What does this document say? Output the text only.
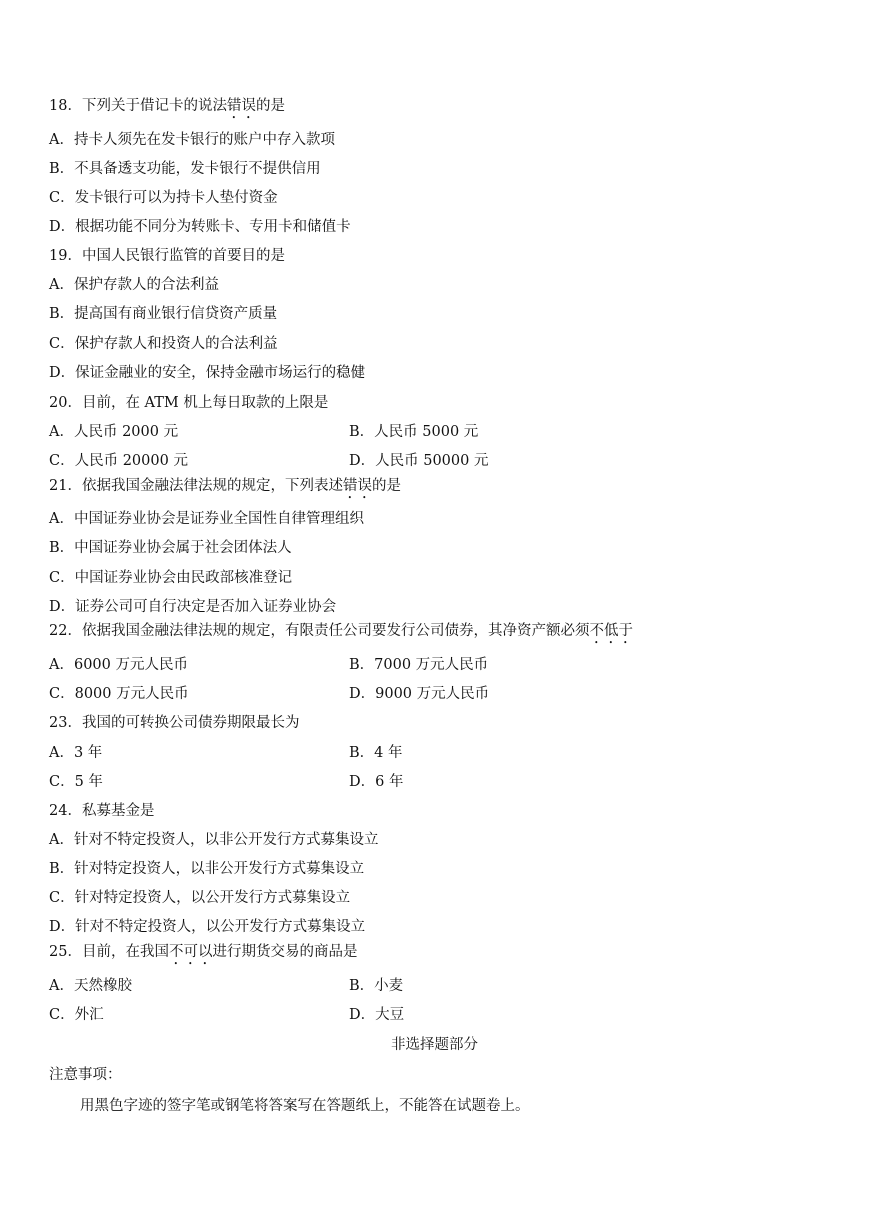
18．下列关于借记卡的说法错误的是
A．持卡人须先在发卡银行的账户中存入款项
B．不具备透支功能，发卡银行不提供信用
C．发卡银行可以为持卡人垫付资金
D．根据功能不同分为转账卡、专用卡和储值卡
19．中国人民银行监管的首要目的是
A．保护存款人的合法利益
B．提高国有商业银行信贷资产质量
C．保护存款人和投资人的合法利益
D．保证金融业的安全，保持金融市场运行的稳健
20．目前，在 ATM 机上每日取款的上限是
A．人民币 2000 元	B．人民币 5000 元
C．人民币 20000 元	D．人民币 50000 元
21．依据我国金融法律法规的规定，下列表述错误的是
A．中国证券业协会是证券业全国性自律管理组织
B．中国证券业协会属于社会团体法人
C．中国证券业协会由民政部核准登记
D．证券公司可自行决定是否加入证券业协会
22．依据我国金融法律法规的规定，有限责任公司要发行公司债券，其净资产额必须不低于
A．6000 万元人民币	B．7000 万元人民币
C．8000 万元人民币	D．9000 万元人民币
23．我国的可转换公司债券期限最长为
A．3 年	B．4 年
C．5 年	D．6 年
24．私募基金是
A．针对不特定投资人，以非公开发行方式募集设立
B．针对特定投资人，以非公开发行方式募集设立
C．针对特定投资人，以公开发行方式募集设立
D．针对不特定投资人，以公开发行方式募集设立
25．目前，在我国不可以进行期货交易的商品是
A．天然橡胶	B．小麦
C．外汇	D．大豆
非选择题部分
注意事项：
用黑色字迹的签字笔或钢笔将答案写在答题纸上，不能答在试题卷上。
